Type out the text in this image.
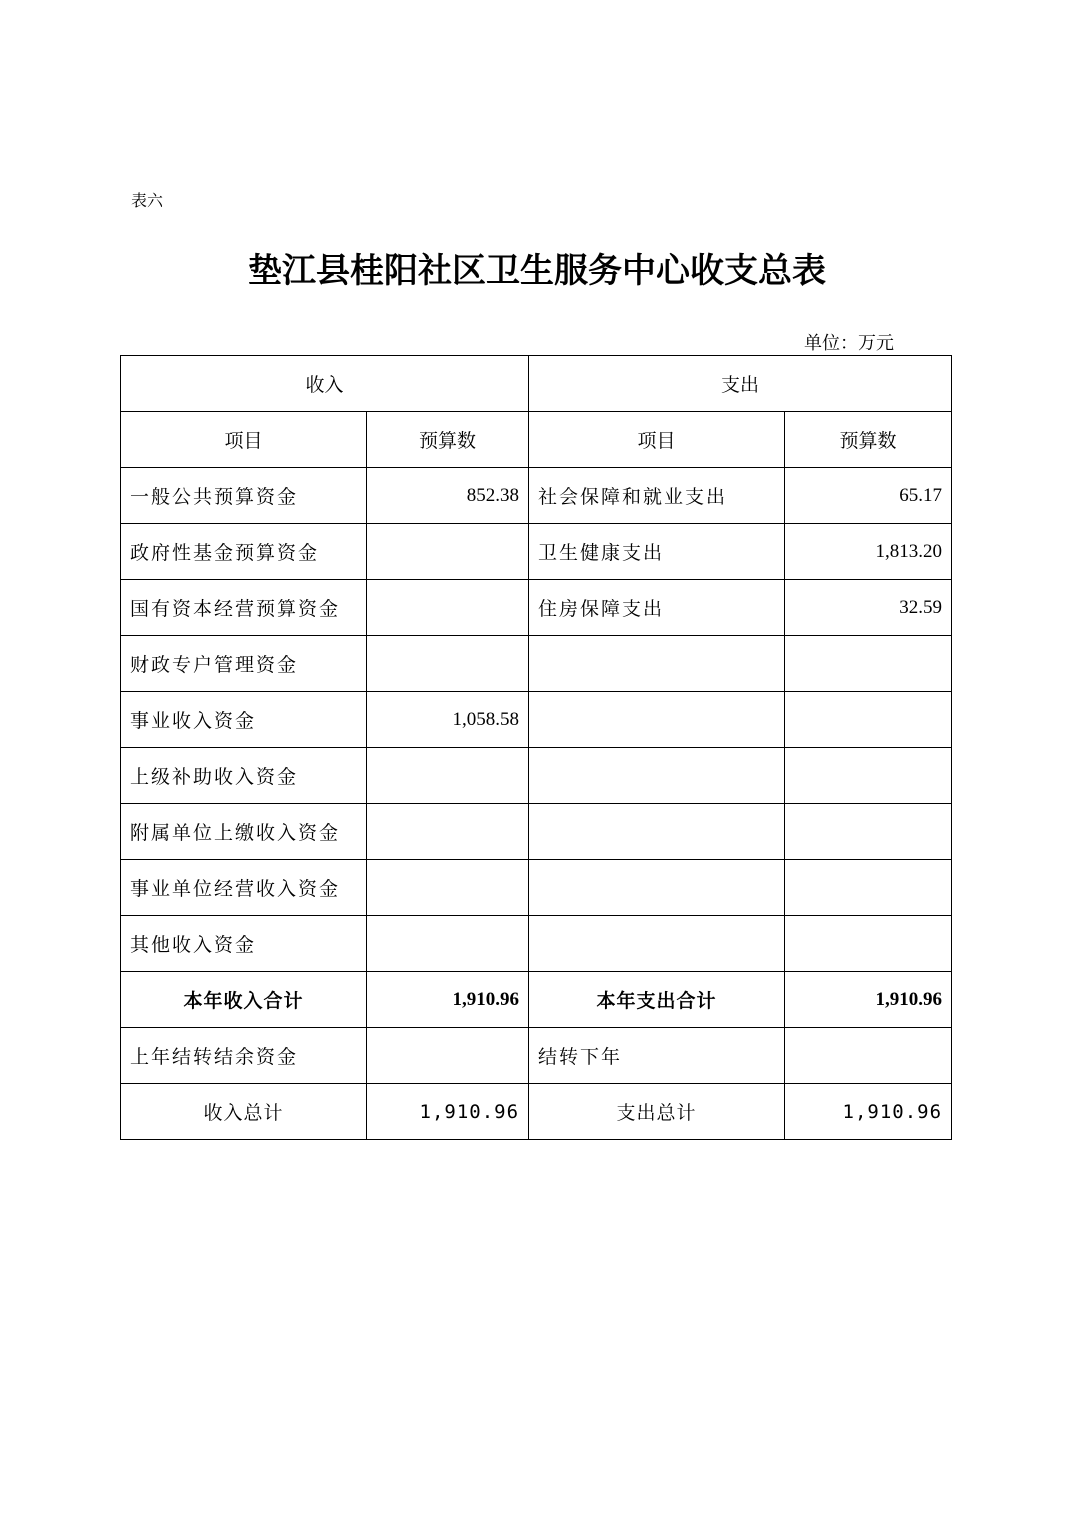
表六
垫江县桂阳社区卫生服务中心收支总表
单位：万元
收入		支出	
项目	预算数	项目	预算数
一般公共预算资金	852.38	社会保障和就业支出	65.17
政府性基金预算资金		卫生健康支出	1,813.20
国有资本经营预算资金		住房保障支出	32.59
财政专户管理资金			
事业收入资金	1,058.58		
上级补助收入资金			
附属单位上缴收入资金			
事业单位经营收入资金			
其他收入资金			
本年收入合计	1,910.96	本年支出合计	1,910.96
上年结转结余资金		结转下年	
收入总计	1,910.96	支出总计	1,910.96
